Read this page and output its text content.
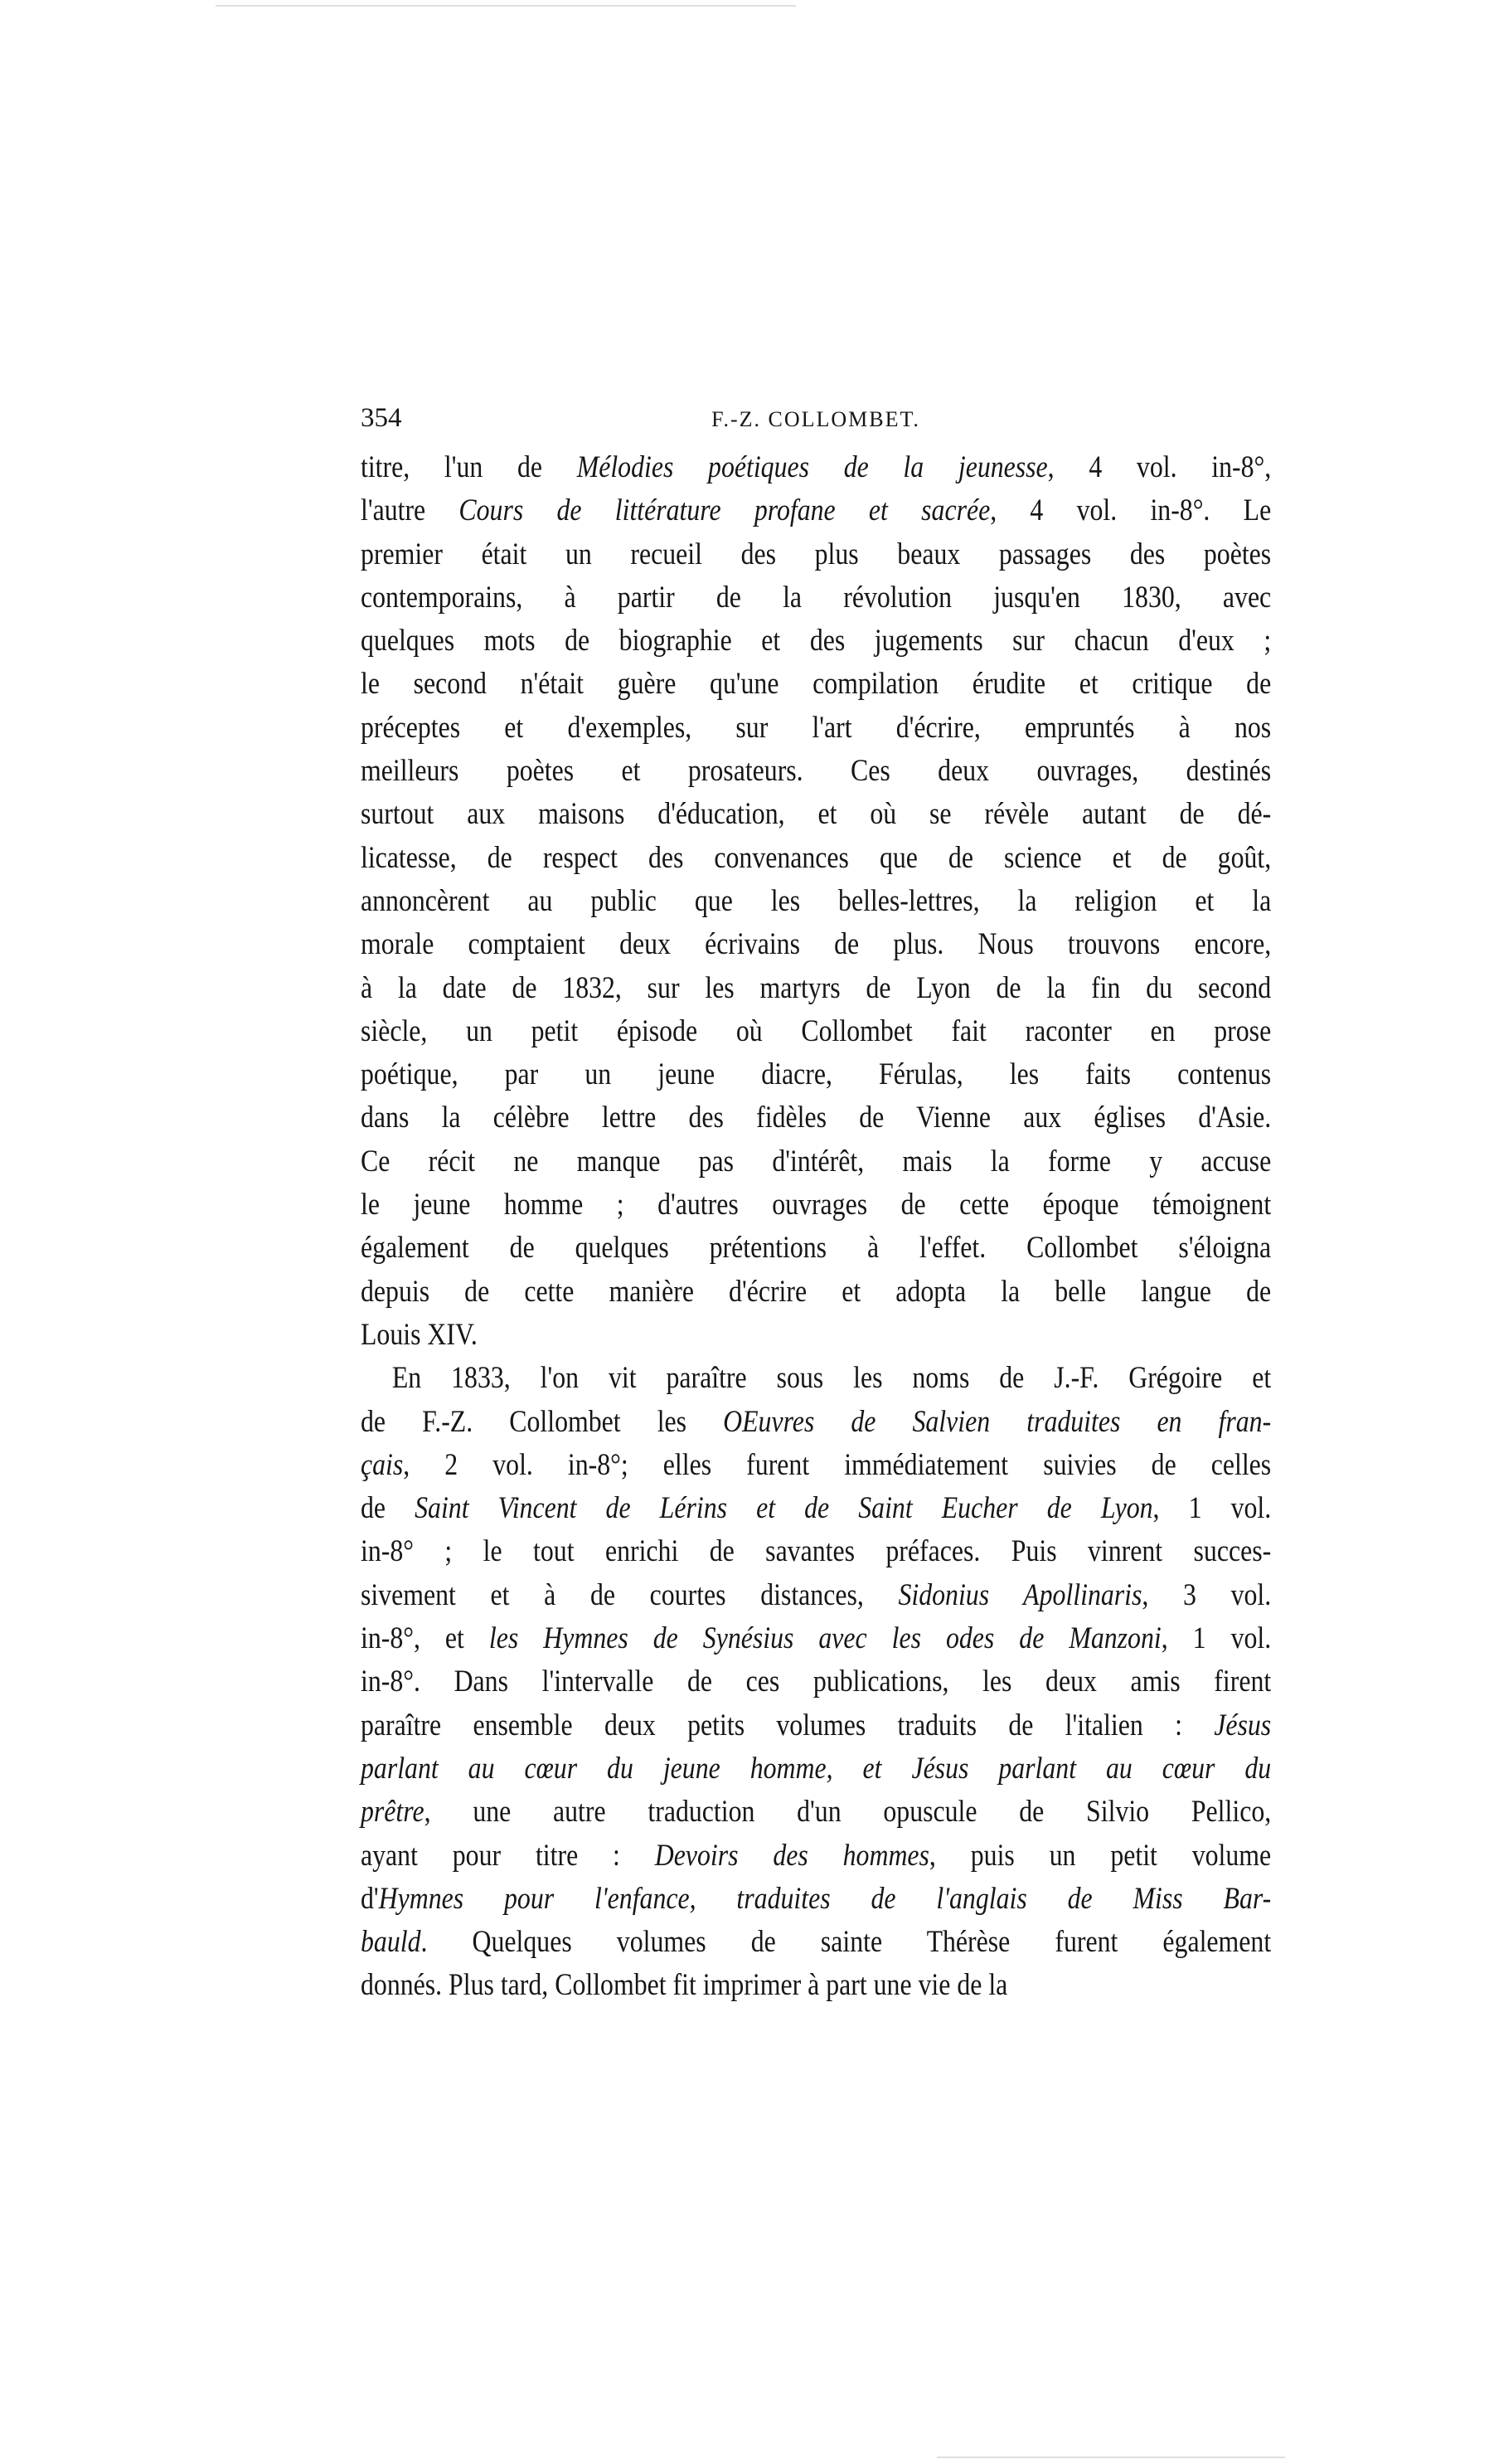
354	F.-Z. COLLOMBET.
titre, l'un de Mélodies poétiques de la jeunesse, 4 vol. in-8°,
l'autre Cours de littérature profane et sacrée, 4 vol. in-8°. Le
premier était un recueil des plus beaux passages des poètes
contemporains, à partir de la révolution jusqu'en 1830, avec
quelques mots de biographie et des jugements sur chacun d'eux ;
le second n'était guère qu'une compilation érudite et critique de
préceptes et d'exemples, sur l'art d'écrire, empruntés à nos
meilleurs poètes et prosateurs. Ces deux ouvrages, destinés
surtout aux maisons d'éducation, et où se révèle autant de dé-
licatesse, de respect des convenances que de science et de goût,
annoncèrent au public que les belles-lettres, la religion et la
morale comptaient deux écrivains de plus. Nous trouvons encore,
à la date de 1832, sur les martyrs de Lyon de la fin du second
siècle, un petit épisode où Collombet fait raconter en prose
poétique, par un jeune diacre, Férulas, les faits contenus
dans la célèbre lettre des fidèles de Vienne aux églises d'Asie.
Ce récit ne manque pas d'intérêt, mais la forme y accuse
le jeune homme ; d'autres ouvrages de cette époque témoignent
également de quelques prétentions à l'effet. Collombet s'éloigna
depuis de cette manière d'écrire et adopta la belle langue de
Louis XIV.
En 1833, l'on vit paraître sous les noms de J.-F. Grégoire et
de F.-Z. Collombet les OEuvres de Salvien traduites en fran-
çais, 2 vol. in-8°; elles furent immédiatement suivies de celles
de Saint Vincent de Lérins et de Saint Eucher de Lyon, 1 vol.
in-8° ; le tout enrichi de savantes préfaces. Puis vinrent succes-
sivement et à de courtes distances, Sidonius Apollinaris, 3 vol.
in-8°, et les Hymnes de Synésius avec les odes de Manzoni, 1 vol.
in-8°. Dans l'intervalle de ces publications, les deux amis firent
paraître ensemble deux petits volumes traduits de l'italien : Jésus
parlant au cœur du jeune homme, et Jésus parlant au cœur du
prêtre, une autre traduction d'un opuscule de Silvio Pellico,
ayant pour titre : Devoirs des hommes, puis un petit volume
d'Hymnes pour l'enfance, traduites de l'anglais de Miss Bar-
bauld. Quelques volumes de sainte Thérèse furent également
donnés. Plus tard, Collombet fit imprimer à part une vie de la
